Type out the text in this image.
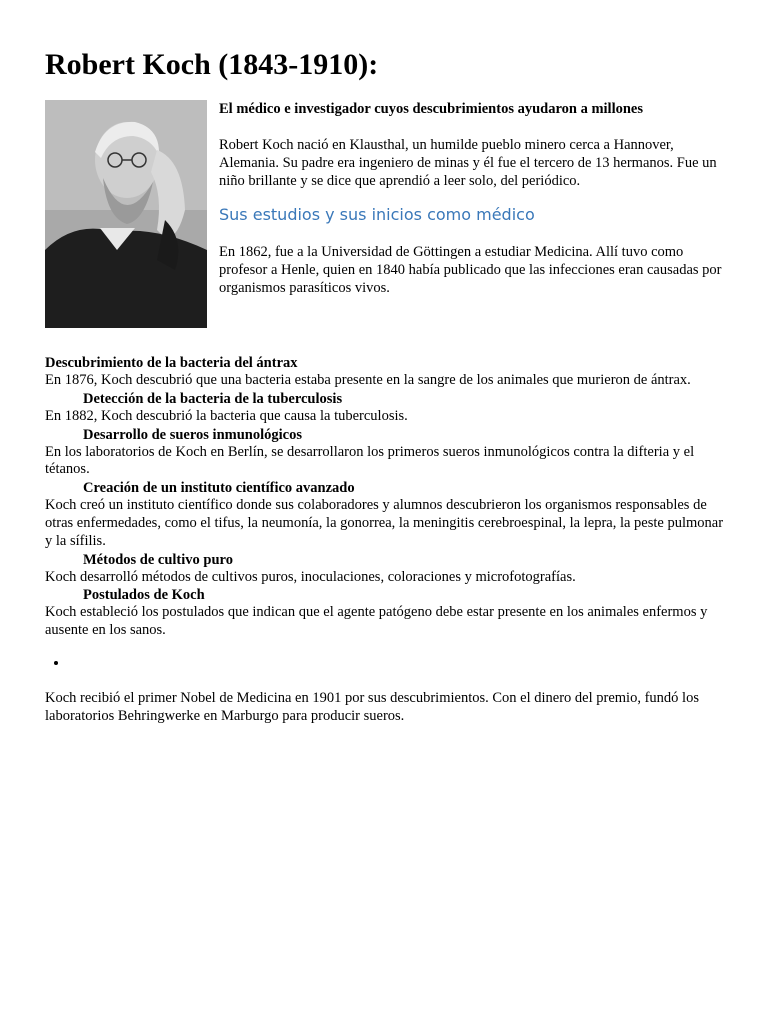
Robert Koch (1843-1910):

El médico e investigador cuyos descubrimientos ayudaron a millones

Robert Koch nació en Klausthal, un humilde pueblo minero cerca a Hannover, Alemania. Su padre era ingeniero de minas y él fue el tercero de 13 hermanos. Fue un niño brillante y se dice que aprendió a leer solo, del periódico.

Sus estudios y sus inicios como médico

En 1862, fue a la Universidad de Göttingen a estudiar Medicina. Allí tuvo como profesor a Henle, quien en 1840 había publicado que las infecciones eran causadas por organismos parasíticos vivos.

Descubrimiento de la bacteria del ántrax

En 1876, Koch descubrió que una bacteria estaba presente en la sangre de los animales que murieron de ántrax.

Detección de la bacteria de la tuberculosis

En 1882, Koch descubrió la bacteria que causa la tuberculosis.

Desarrollo de sueros inmunológicos

En los laboratorios de Koch en Berlín, se desarrollaron los primeros sueros inmunológicos contra la difteria y el tétanos.

Creación de un instituto científico avanzado

Koch creó un instituto científico donde sus colaboradores y alumnos descubrieron los organismos responsables de otras enfermedades, como el tifus, la neumonía, la gonorrea, la meningitis cerebroespinal, la lepra, la peste pulmonar y la sífilis.

Métodos de cultivo puro

Koch desarrolló métodos de cultivos puros, inoculaciones, coloraciones y microfotografías.

Postulados de Koch

Koch estableció los postulados que indican que el agente patógeno debe estar presente en los animales enfermos y ausente en los sanos.

•

Koch recibió el primer Nobel de Medicina en 1901 por sus descubrimientos. Con el dinero del premio, fundó los laboratorios Behringwerke en Marburgo para producir sueros.
